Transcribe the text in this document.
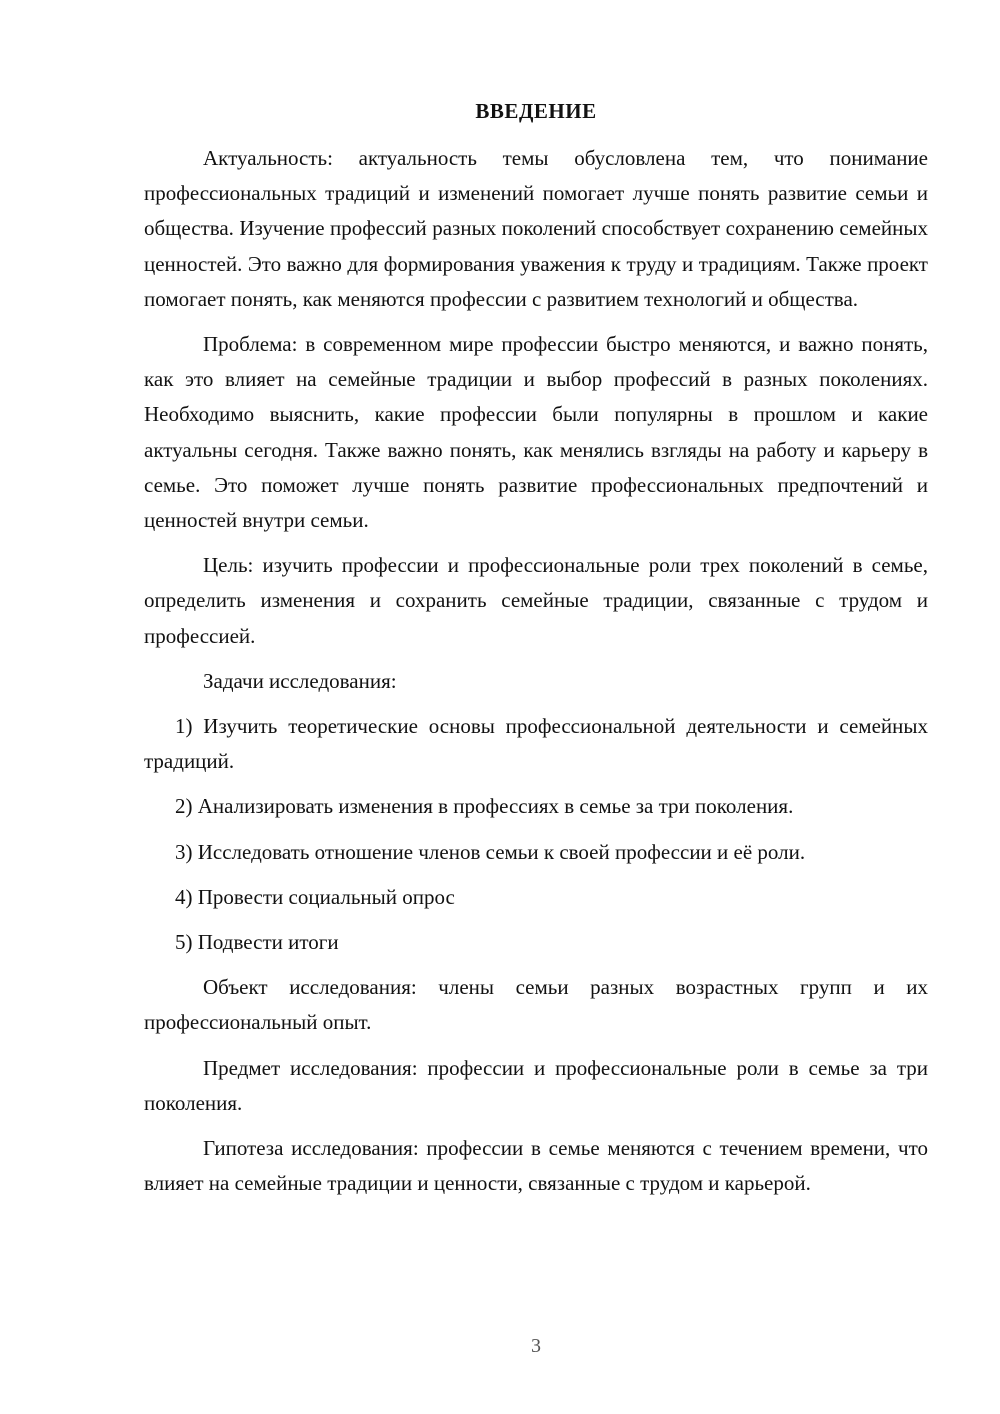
ВВЕДЕНИЕ

Актуальность: актуальность темы обусловлена тем, что понимание профессиональных традиций и изменений помогает лучше понять развитие семьи и общества. Изучение профессий разных поколений способствует сохранению семейных ценностей. Это важно для формирования уважения к труду и традициям. Также проект помогает понять, как меняются профессии с развитием технологий и общества.

Проблема: в современном мире профессии быстро меняются, и важно понять, как это влияет на семейные традиции и выбор профессий в разных поколениях. Необходимо выяснить, какие профессии были популярны в прошлом и какие актуальны сегодня. Также важно понять, как менялись взгляды на работу и карьеру в семье. Это поможет лучше понять развитие профессиональных предпочтений и ценностей внутри семьи.

Цель: изучить профессии и профессиональные роли трех поколений в семье, определить изменения и сохранить семейные традиции, связанные с трудом и профессией.

Задачи исследования:

1) Изучить теоретические основы профессиональной деятельности и семейных традиций.

2) Анализировать изменения в профессиях в семье за три поколения.

3) Исследовать отношение членов семьи к своей профессии и её роли.

4) Провести социальный опрос

5) Подвести итоги

Объект исследования: члены семьи разных возрастных групп и их профессиональный опыт.

Предмет исследования: профессии и профессиональные роли в семье за три поколения.

Гипотеза исследования: профессии в семье меняются с течением времени, что влияет на семейные традиции и ценности, связанные с трудом и карьерой.

3
